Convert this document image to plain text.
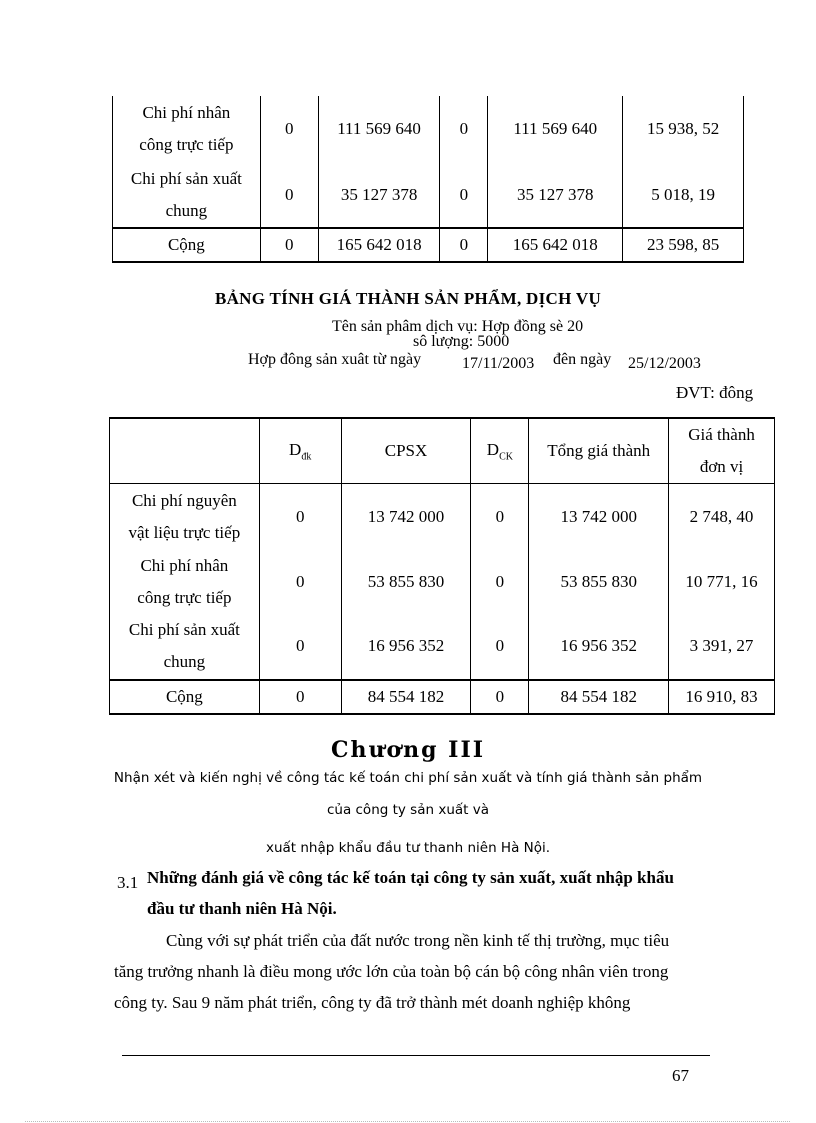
Chi phí nhân
công trực tiếp	0	111 569 640	0	111 569 640	15 938, 52
Chi phí sản xuất
chung	0	35 127 378	0	35 127 378	5 018, 19
Cộng	0	165 642 018	0	165 642 018	23 598, 85
BẢNG TÍNH GIÁ THÀNH SẢN PHẨM, DỊCH VỤ
Tên sản phâm dịch vụ: Hợp đồng sè 20
sô lượng: 5000
Hợp đông sản xuât từ ngày	17/11/2003 đên ngày 25/12/2003
ĐVT: đông
	$D_{đk}$	CPSX	$D_{CK}$	Tổng giá thành	Giá thành
đơn vị
Chi phí nguyên
vật liệu trực tiếp	0	13 742 000	0	13 742 000	2 748, 40
Chi phí nhân
công trực tiếp	0	53 855 830	0	53 855 830	10 771, 16
Chi phí sản xuất
chung	0	16 956 352	0	16 956 352	3 391, 27
Cộng	0	84 554 182	0	84 554 182	16 910, 83
Chương III
Nhận xét và kiến nghị về công tác kế toán chi phí sản xuất và tính giá thành sản phẩm
của công ty sản xuất và
xuất nhập khẩu đầu tư thanh niên Hà Nội.
3.1 Những đánh giá về công tác kế toán tại công ty sản xuất, xuất nhập khẩu
đầu tư thanh niên Hà Nội.
Cùng với sự phát triển của đất nước trong nền kinh tế thị trường, mục tiêu
tăng trưởng nhanh là điều mong ước lớn của toàn bộ cán bộ công nhân viên trong
công ty. Sau 9 năm phát triển, công ty đã trở thành mét doanh nghiệp không
67
